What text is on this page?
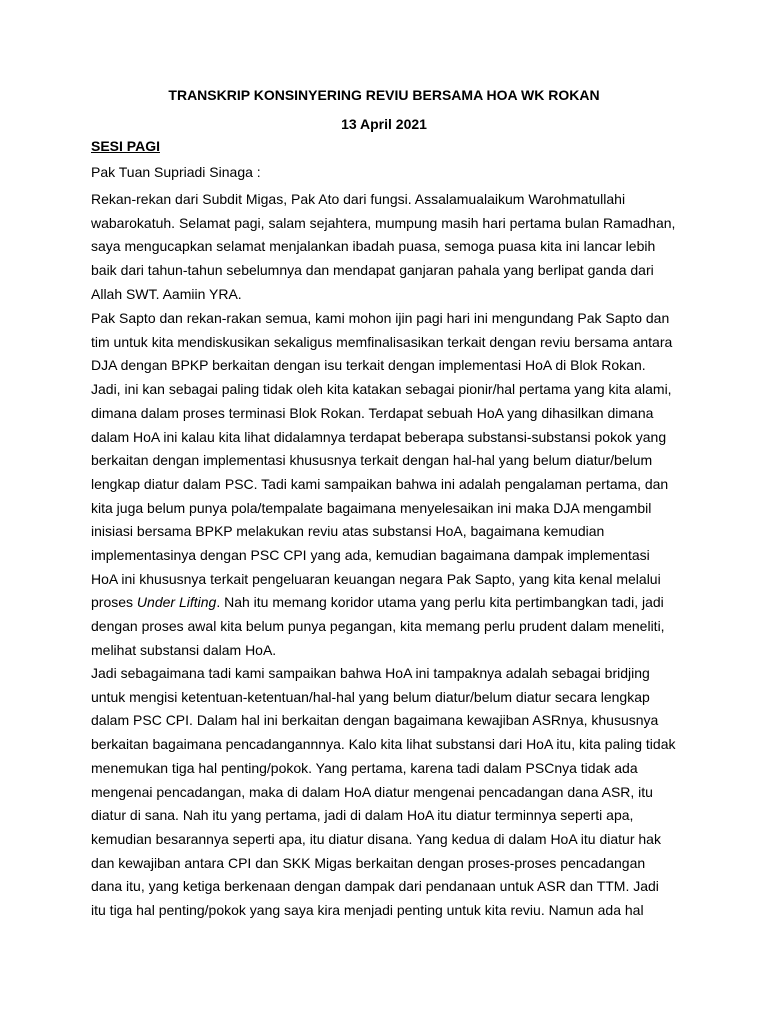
TRANSKRIP KONSINYERING REVIU BERSAMA HOA WK ROKAN

13 April 2021

SESI PAGI

Pak Tuan Supriadi Sinaga :

Rekan-rekan dari Subdit Migas, Pak Ato dari fungsi. Assalamualaikum Warohmatullahi wabarokatuh. Selamat pagi, salam sejahtera, mumpung masih hari pertama bulan Ramadhan, saya mengucapkan selamat menjalankan ibadah puasa, semoga puasa kita ini lancar lebih baik dari tahun-tahun sebelumnya dan mendapat ganjaran pahala yang berlipat ganda dari Allah SWT. Aamiin YRA.

Pak Sapto dan rekan-rakan semua, kami mohon ijin pagi hari ini mengundang Pak Sapto dan tim untuk kita mendiskusikan sekaligus memfinalisasikan terkait dengan reviu bersama antara DJA dengan BPKP berkaitan dengan isu terkait dengan implementasi HoA di Blok Rokan. Jadi, ini kan sebagai paling tidak oleh kita katakan sebagai pionir/hal pertama yang kita alami, dimana dalam proses terminasi Blok Rokan. Terdapat sebuah HoA yang dihasilkan dimana dalam HoA ini kalau kita lihat didalamnya terdapat beberapa substansi-substansi pokok yang berkaitan dengan implementasi khususnya terkait dengan hal-hal yang belum diatur/belum lengkap diatur dalam PSC. Tadi kami sampaikan bahwa ini adalah pengalaman pertama, dan kita juga belum punya pola/tempalate bagaimana menyelesaikan ini maka DJA mengambil inisiasi bersama BPKP melakukan reviu atas substansi HoA, bagaimana kemudian implementasinya dengan PSC CPI yang ada, kemudian bagaimana dampak implementasi HoA ini khususnya terkait pengeluaran keuangan negara Pak Sapto, yang kita kenal melalui proses Under Lifting. Nah itu memang koridor utama yang perlu kita pertimbangkan tadi, jadi dengan proses awal kita belum punya pegangan, kita memang perlu prudent dalam meneliti, melihat substansi dalam HoA.

Jadi sebagaimana tadi kami sampaikan bahwa HoA ini tampaknya adalah sebagai bridjing untuk mengisi ketentuan-ketentuan/hal-hal yang belum diatur/belum diatur secara lengkap dalam PSC CPI. Dalam hal ini berkaitan dengan bagaimana kewajiban ASRnya, khususnya berkaitan bagaimana pencadangannnya. Kalo kita lihat substansi dari HoA itu, kita paling tidak menemukan tiga hal penting/pokok. Yang pertama, karena tadi dalam PSCnya tidak ada mengenai pencadangan, maka di dalam HoA diatur mengenai pencadangan dana ASR, itu diatur di sana. Nah itu yang pertama, jadi di dalam HoA itu diatur terminnya seperti apa, kemudian besarannya seperti apa, itu diatur disana. Yang kedua di dalam HoA itu diatur hak dan kewajiban antara CPI dan SKK Migas berkaitan dengan proses-proses pencadangan dana itu, yang ketiga berkenaan dengan dampak dari pendanaan untuk ASR dan TTM. Jadi itu tiga hal penting/pokok yang saya kira menjadi penting untuk kita reviu. Namun ada hal
